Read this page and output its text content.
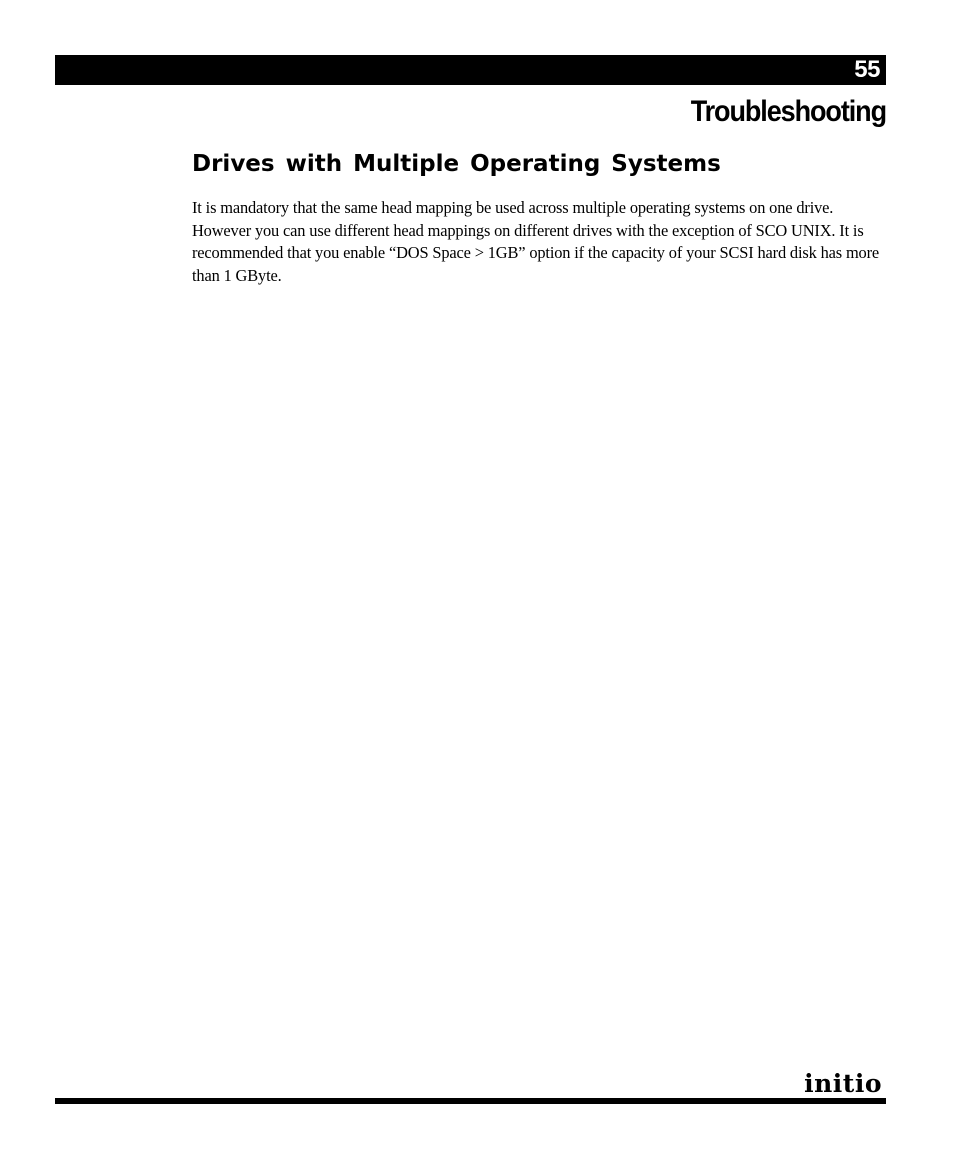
55
Troubleshooting
Drives with Multiple Operating Systems

It is mandatory that the same head mapping be used across multiple operating systems on one drive. However you can use different head mappings on different drives with the exception of SCO UNIX. It is recommended that you enable “DOS Space > 1GB” option if the capacity of your SCSI hard disk has more than 1 GByte.

initio
